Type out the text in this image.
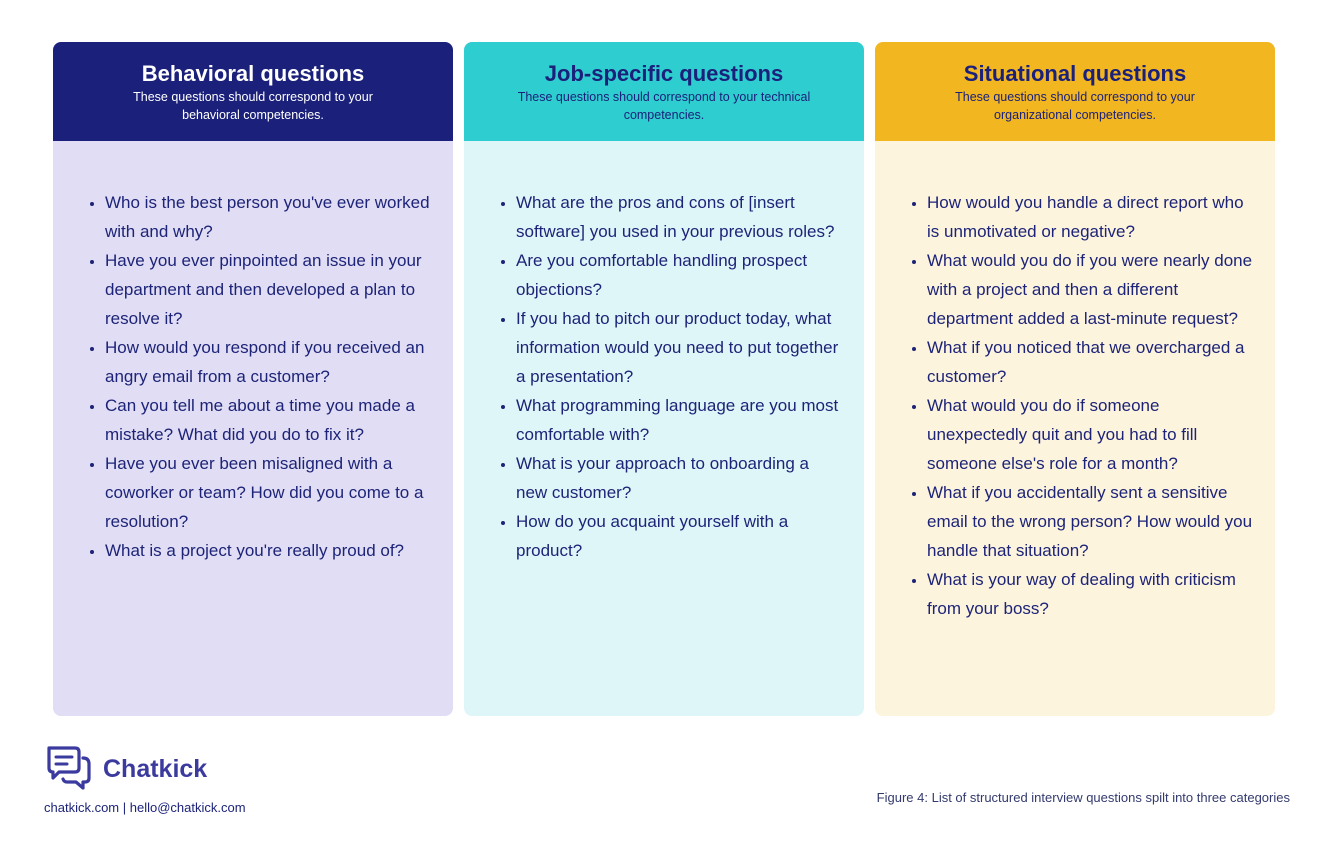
Behavioral questions

These questions should correspond to your behavioral competencies.

• Who is the best person you've ever worked with and why?
• Have you ever pinpointed an issue in your department and then developed a plan to resolve it?
• How would you respond if you received an angry email from a customer?
• Can you tell me about a time you made a mistake? What did you do to fix it?
• Have you ever been misaligned with a coworker or team? How did you come to a resolution?
• What is a project you're really proud of?
Job-specific questions

These questions should correspond to your technical competencies.

• What are the pros and cons of [insert software] you used in your previous roles?
• Are you comfortable handling prospect objections?
• If you had to pitch our product today, what information would you need to put together a presentation?
• What programming language are you most comfortable with?
• What is your approach to onboarding a new customer?
• How do you acquaint yourself with a product?
Situational questions

These questions should correspond to your organizational competencies.

• How would you handle a direct report who is unmotivated or negative?
• What would you do if you were nearly done with a project and then a different department added a last-minute request?
• What if you noticed that we overcharged a customer?
• What would you do if someone unexpectedly quit and you had to fill someone else's role for a month?
• What if you accidentally sent a sensitive email to the wrong person? How would you handle that situation?
• What is your way of dealing with criticism from your boss?
Chatkick
chatkick.com | hello@chatkick.com
Figure 4: List of structured interview questions spilt into three categories
